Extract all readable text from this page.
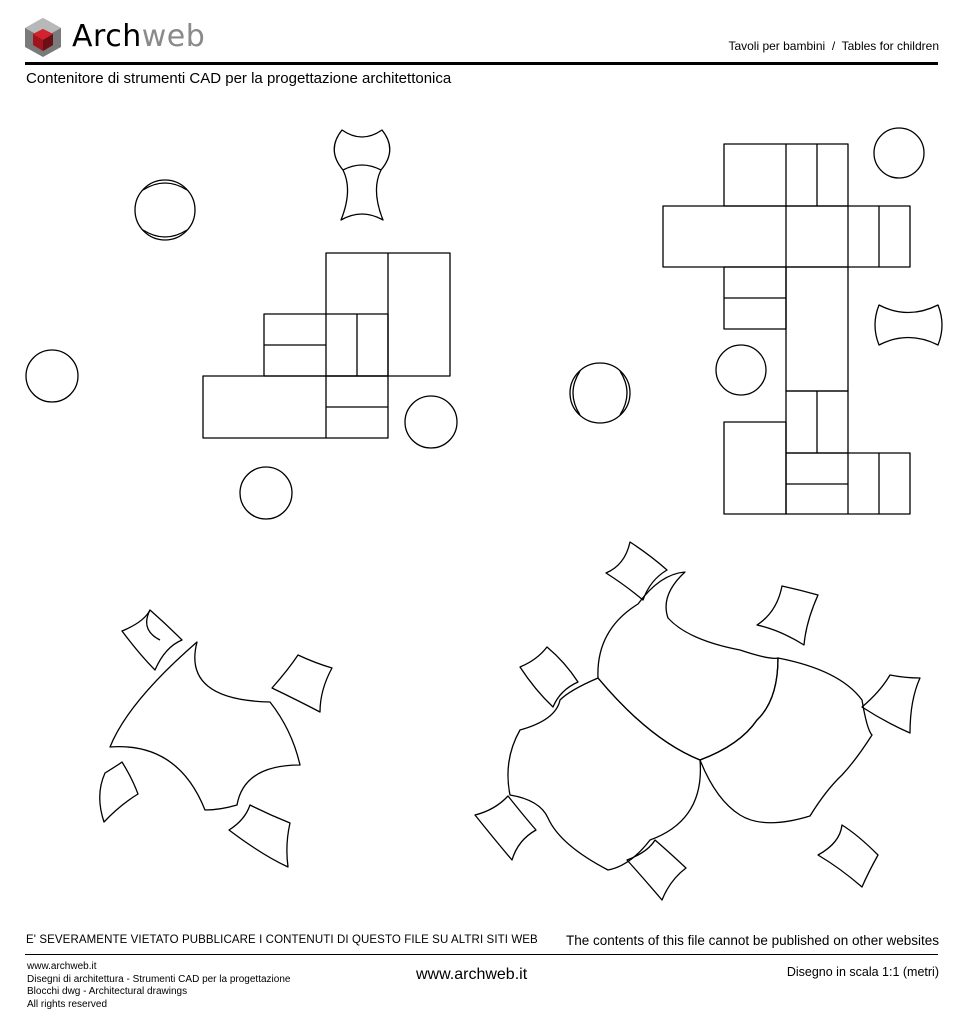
Archweb	Tavoli per bambini  /  Tables for children
Contenitore di strumenti CAD per la progettazione architettonica
E' SEVERAMENTE VIETATO PUBBLICARE I CONTENUTI DI QUESTO FILE SU ALTRI SITI WEB The contents of this file cannot be published on other websites
www.archweb.it
Disegni di architettura - Strumenti CAD per la progettazione
Blocchi dwg - Architectural drawings
All rights reserved
www.archweb.it	Disegno in scala 1:1 (metri)
